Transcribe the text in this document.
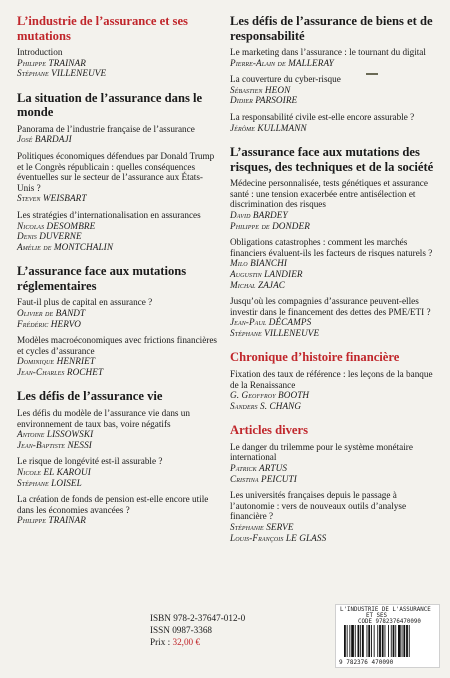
L’industrie de l’assurance et ses mutations
Introduction
Philippe TRAINAR
Stéphane VILLENEUVE
La situation de l’assurance dans le monde
Panorama de l’industrie française de l’assurance
José BARDAJI
Politiques économiques défendues par Donald Trump et le Congrès républicain : quelles conséquences éventuelles sur le secteur de l’assurance aux États-Unis ?
Steven WEISBART
Les stratégies d’internationalisation en assurances
Nicolas DESOMBRE
Denis DUVERNE
Amélie de MONTCHALIN
L’assurance face aux mutations réglementaires
Faut-il plus de capital en assurance ?
Olivier de BANDT
Frédéric HERVO
Modèles macroéconomiques avec frictions financières et cycles d’assurance
Dominique HENRIET
Jean-Charles ROCHET
Les défis de l’assurance vie
Les défis du modèle de l’assurance vie dans un environnement de taux bas, voire négatifs
Antoine LISSOWSKI
Jean-Baptiste NESSI
Le risque de longévité est-il assurable ?
Nicole EL KAROUI
Stéphane LOISEL
La création de fonds de pension est-elle encore utile dans les économies avancées ?
Philippe TRAINAR
Les défis de l’assurance de biens et de responsabilité
Le marketing dans l’assurance : le tournant du digital
Pierre-Alain de MALLERAY
La couverture du cyber-risque
Sébastien HEON
Didier PARSOIRE
La responsabilité civile est-elle encore assurable ?
Jérôme KULLMANN
L’assurance face aux mutations des risques, des techniques et de la société
Médecine personnalisée, tests génétiques et assurance santé : une tension exacerbée entre antisélection et discrimination des risques
David BARDEY
Philippe de DONDER
Obligations catastrophes : comment les marchés financiers évaluent-ils les facteurs de risques naturels ?
Milo BIANCHI
Augustin LANDIER
Michal ZAJAC
Jusqu’où les compagnies d’assurance peuvent-elles investir dans le financement des dettes des PME/ETI ?
Jean-Paul DÉCAMPS
Stéphane VILLENEUVE
Chronique d’histoire financière
Fixation des taux de référence : les leçons de la banque de la Renaissance
G. Geoffroy BOOTH
Sanders S. CHANG
Articles divers
Le danger du trilemme pour le système monétaire international
Patrick ARTUS
Cristina PEICUTI
Les universités françaises depuis le passage à l’autonomie : vers de nouveaux outils d’analyse financière ?
Stéphanie SERVE
Louis-François LE GLASS
ISBN 978-2-37647-012-0
ISSN 0987-3368
Prix : 32,00 €
L'INDUSTRIE DE L'ASSURANCE
ET SES
CODE 9782376470090
9 782376 470090
